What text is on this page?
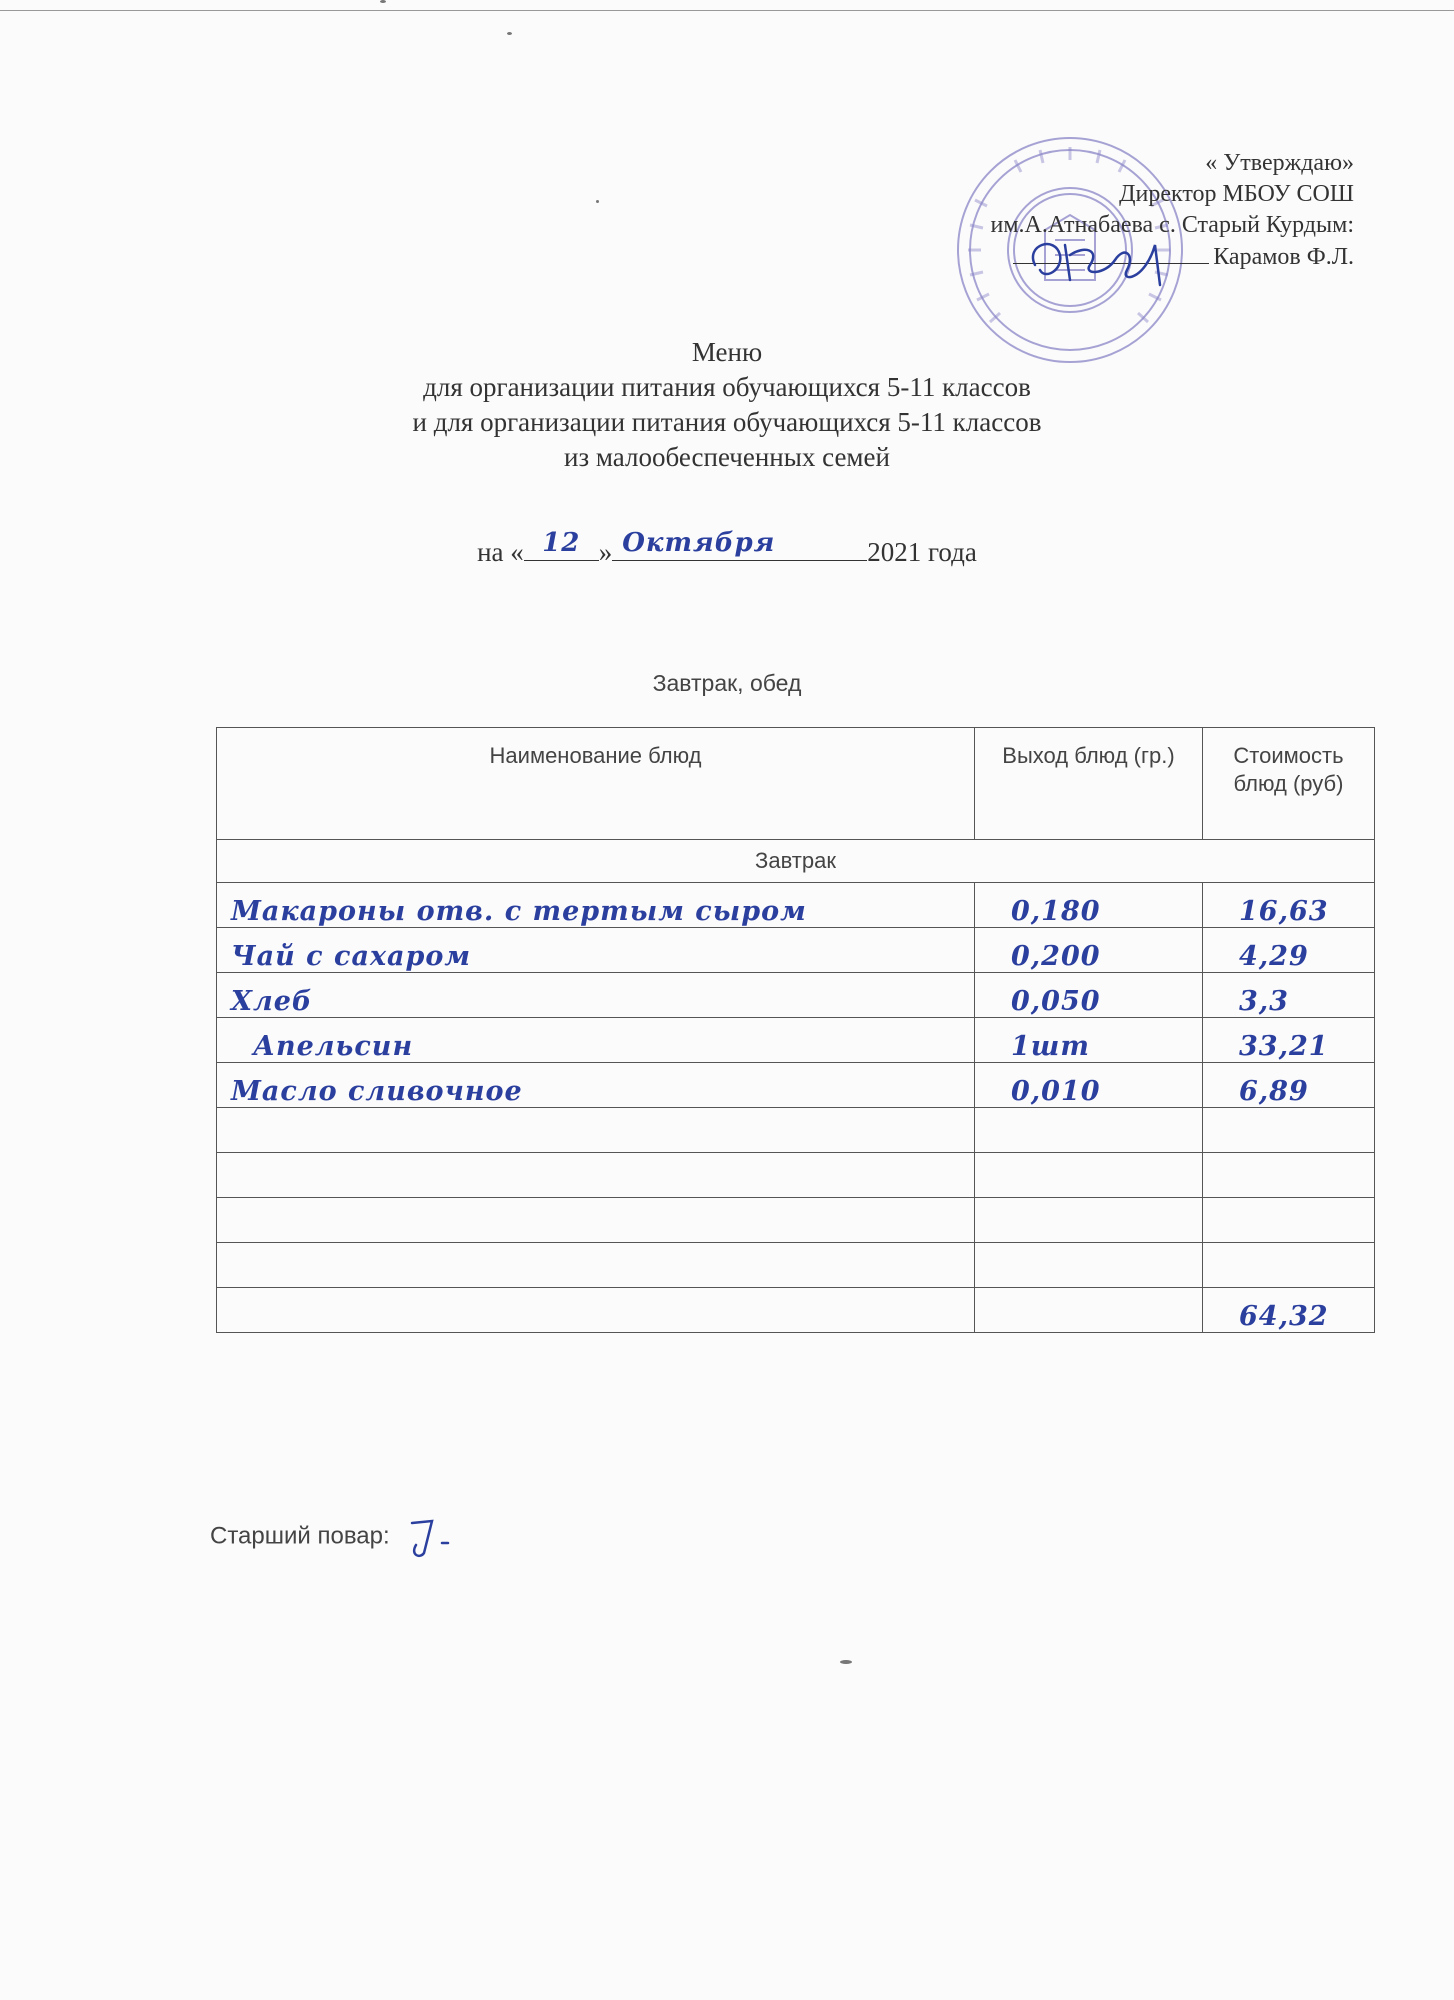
« Утверждаю»
Директор МБОУ СОШ
им.А.Атнабаева с. Старый Курдым:
Карамов Ф.Л.
Меню
для организации питания обучающихся 5-11 классов
и для организации питания обучающихся 5-11 классов
из малообеспеченных семей
на « 12 » Октября	2021 года
Завтрак, обед
Наименование блюд	Выход блюд (гр.)	Стоимость блюд (руб)
Завтрак		
Макароны отв. с тертым сыром	0,180	16,63
Чай с сахаром	0,200	4,29
Хлеб	0,050	3,3
Апельсин	1шт	33,21
Масло сливочное	0,010	6,89

		64,32
Старший повар:
